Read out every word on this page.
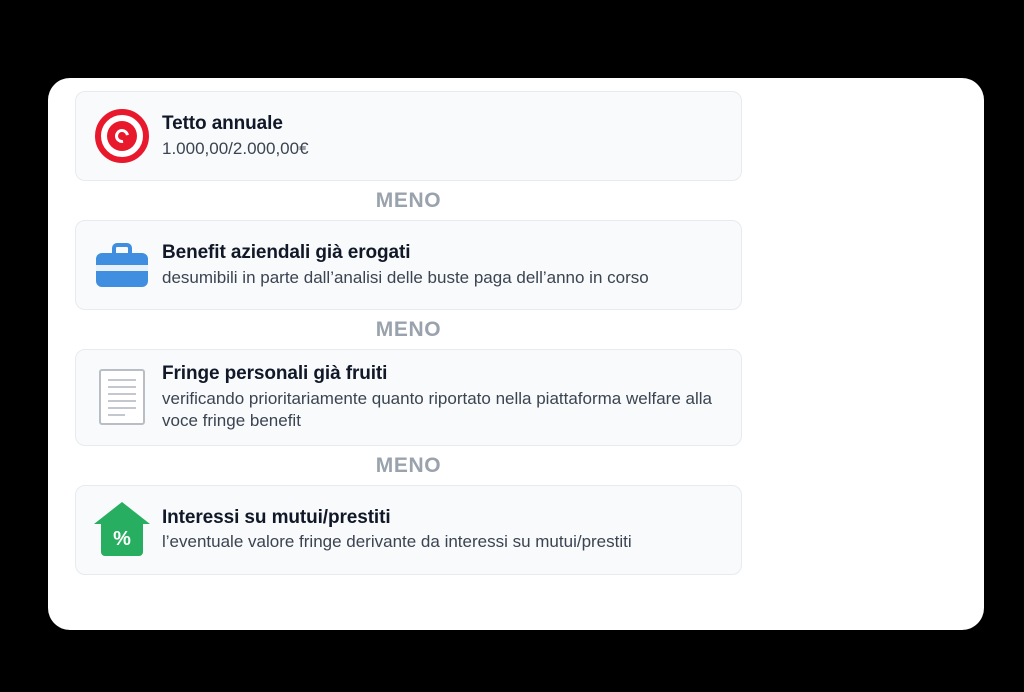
Tetto annuale

1.000,00/2.000,00€

MENO

Benefit aziendali già erogati

desumibili in parte dall’analisi delle buste paga dell’anno in corso

MENO

Fringe personali già fruiti

verificando prioritariamente quanto riportato nella piattaforma welfare alla voce fringe benefit

MENO
%

Interessi su mutui/prestiti

l’eventuale valore fringe derivante da interessi su mutui/prestiti
